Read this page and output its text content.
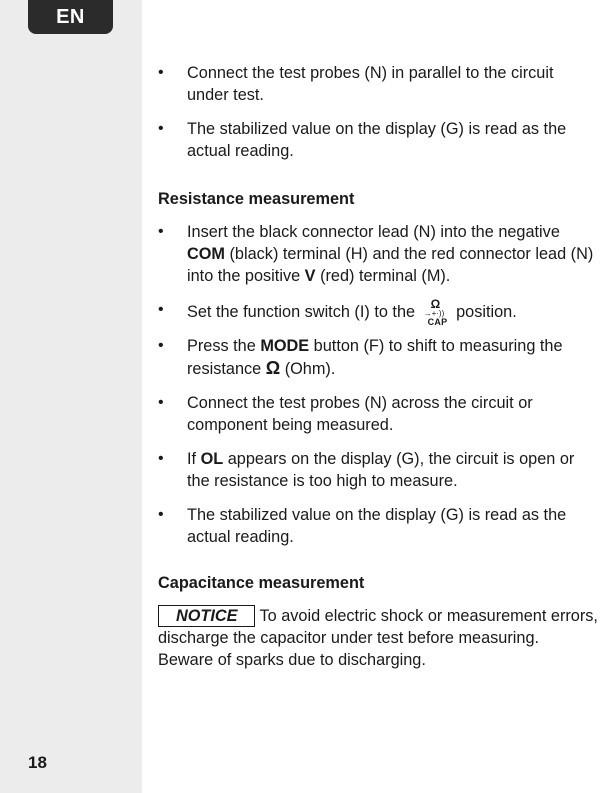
EN
18
• Connect the test probes (N) in parallel to the circuit under test.
• The stabilized value on the display (G) is read as the actual reading.
Resistance measurement
• Insert the black connector lead (N) into the negative COM (black) terminal (H) and the red connector lead (N) into the positive V (red) terminal (M).
• Set the function switch (I) to the Ω
→+·))
CAP
position.
• Press the MODE button (F) to shift to measuring the resistance Ω (Ohm).
• Connect the test probes (N) across the circuit or component being measured.
• If OL appears on the display (G), the circuit is open or the resistance is too high to measure.
• The stabilized value on the display (G) is read as the actual reading.
Capacitance measurement
NOTICE To avoid electric shock or measurement errors, discharge the capacitor under test before measuring. Beware of sparks due to discharging.
